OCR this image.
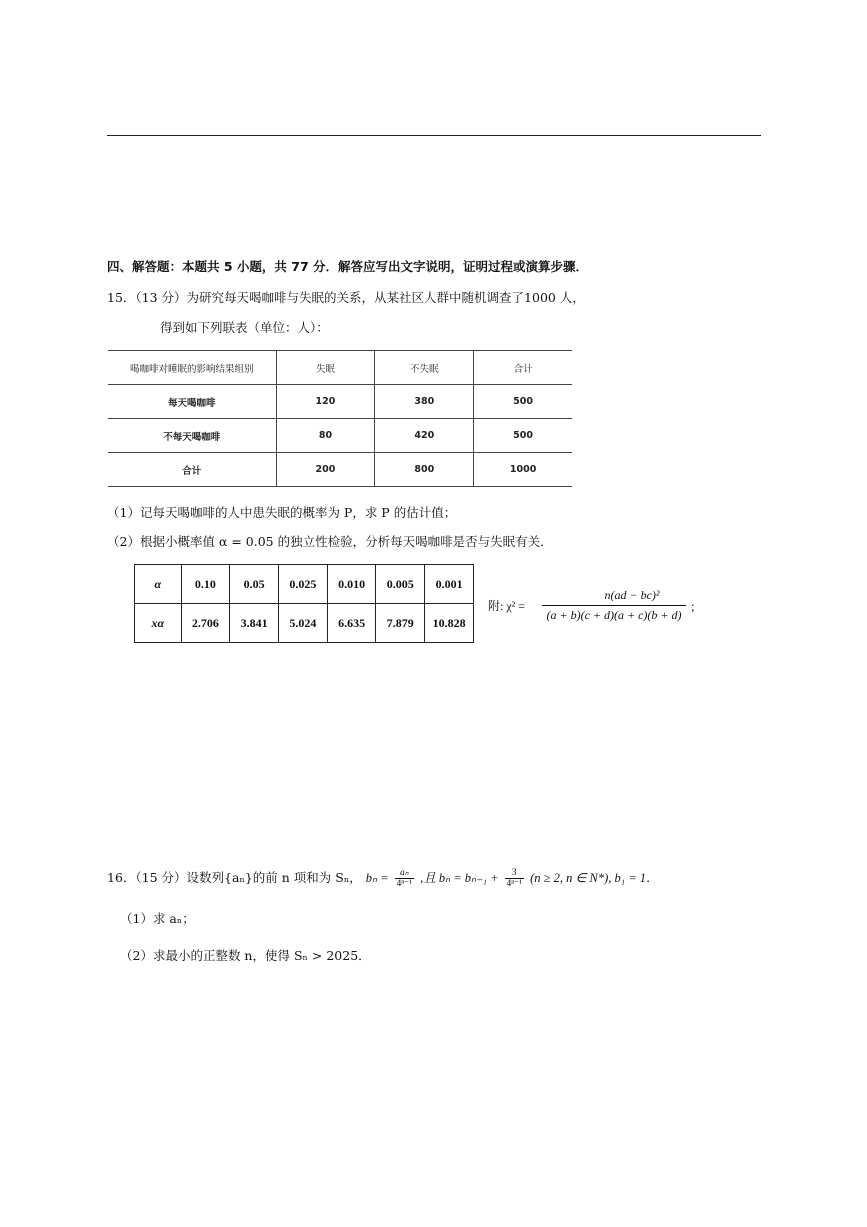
四、解答题：本题共 5 小题，共 77 分．解答应写出文字说明，证明过程或演算步骤．
15．（13 分）为研究每天喝咖啡与失眠的关系，从某社区人群中随机调查了1000 人，
得到如下列联表（单位：人）：
喝咖啡对睡眠的影响结果组别	失眠	不失眠	合计
每天喝咖啡	120	380	500
不每天喝咖啡	80	420	500
合计	200	800	1000
（1）记每天喝咖啡的人中患失眠的概率为 P，求 P 的估计值；
（2）根据小概率值 α = 0.05 的独立性检验，分析每天喝咖啡是否与失眠有关．
α	0.10	0.05	0.025	0.010	0.005	0.001
xα	2.706	3.841	5.024	6.635	7.879	10.828
附: χ² =
n(ad − bc)²
(a + b)(c + d)(a + c)(b + d)
；
16．（15 分）设数列{aₙ}的前 n 项和为 Sₙ， $b_n = \frac{\text{aₙ}}{\text{4ⁿ⁻¹}}$ ,且 $b_n = b_{n-1} + \frac{3}{\text{4ⁿ⁻¹}} (n \ge 2$, n ∈ N*), b₁ = 1．
（1）求 aₙ；
（2）求最小的正整数 n，使得 Sₙ > 2025．
